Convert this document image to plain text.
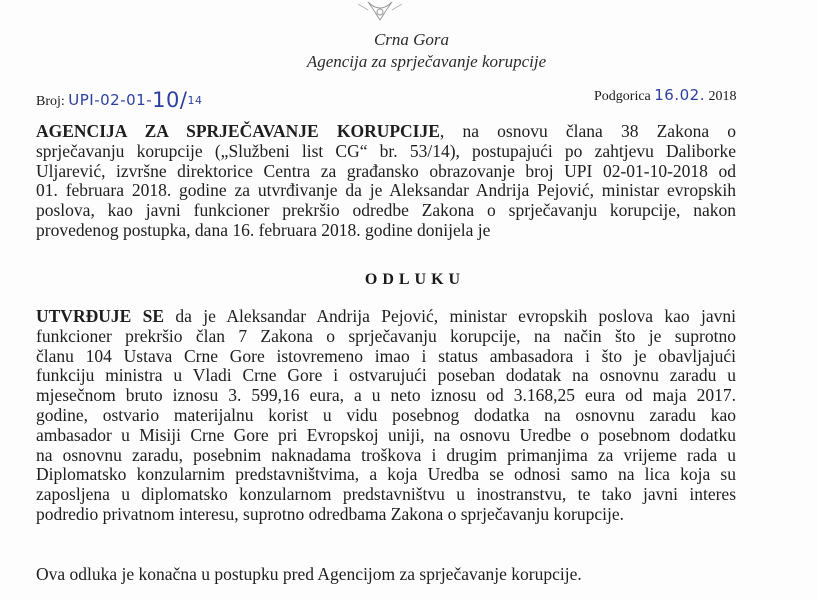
Crna Gora
Agencija za sprječavanje korupcije
Broj: UPI-02-01-10/14	Podgorica 16.02. 2018
AGENCIJA ZA SPRJEČAVANJE KORUPCIJE, na osnovu člana 38 Zakona o
sprječavanju korupcije („Službeni list CG“ br. 53/14), postupajući po zahtjevu Daliborke
Uljarević, izvršne direktorice Centra za građansko obrazovanje broj UPI 02-01-10-2018 od
01. februara 2018. godine za utvrđivanje da je Aleksandar Andrija Pejović, ministar evropskih
poslova, kao javni funkcioner prekršio odredbe Zakona o sprječavanju korupcije, nakon
provedenog postupka, dana 16. februara 2018. godine donijela je
ODLUKU
UTVRĐUJE SE da je Aleksandar Andrija Pejović, ministar evropskih poslova kao javni
funkcioner prekršio član 7 Zakona o sprječavanju korupcije, na način što je suprotno
članu 104 Ustava Crne Gore istovremeno imao i status ambasadora i što je obavljajući
funkciju ministra u Vladi Crne Gore i ostvarujući poseban dodatak na osnovnu zaradu u
mjesečnom bruto iznosu 3. 599,16 eura, a u neto iznosu od 3.168,25 eura od maja 2017.
godine, ostvario materijalnu korist u vidu posebnog dodatka na osnovnu zaradu kao
ambasador u Misiji Crne Gore pri Evropskoj uniji, na osnovu Uredbe o posebnom dodatku
na osnovnu zaradu, posebnim naknadama troškova i drugim primanjima za vrijeme rada u
Diplomatsko konzularnim predstavništvima, a koja Uredba se odnosi samo na lica koja su
zaposljena u diplomatsko konzularnom predstavništvu u inostranstvu, te tako javni interes
podredio privatnom interesu, suprotno odredbama Zakona o sprječavanju korupcije.
Ova odluka je konačna u postupku pred Agencijom za sprječavanje korupcije.
